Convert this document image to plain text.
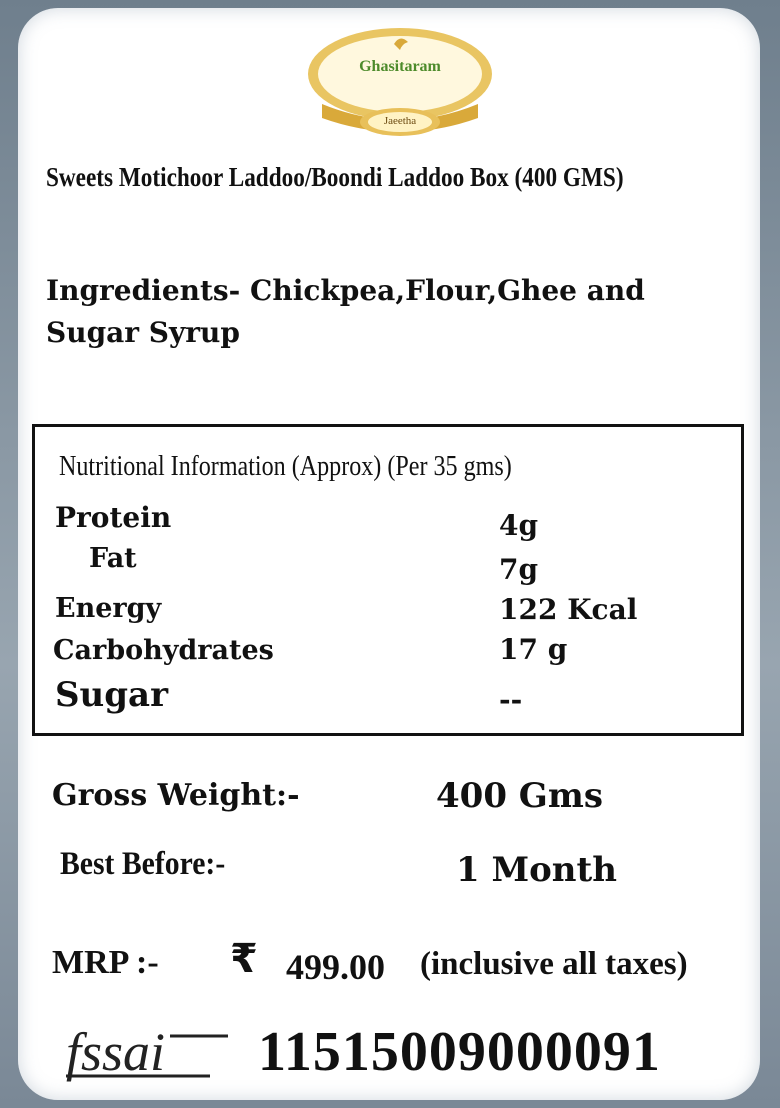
Ghasitaram
Jaeetha
Sweets Motichoor Laddoo/Boondi Laddoo Box (400 GMS)
Ingredients- Chickpea,Flour,Ghee and
Sugar Syrup
Nutritional Information (Approx) (Per 35 gms)
Protein	4g
Fat	7g
Energy	122 Kcal
Carbohydrates	17 g
Sugar	--
Gross Weight:-	400 Gms
Best Before:-	1 Month
MRP :- ₹ 499.00 (inclusive all taxes)
fssai 11515009000091
